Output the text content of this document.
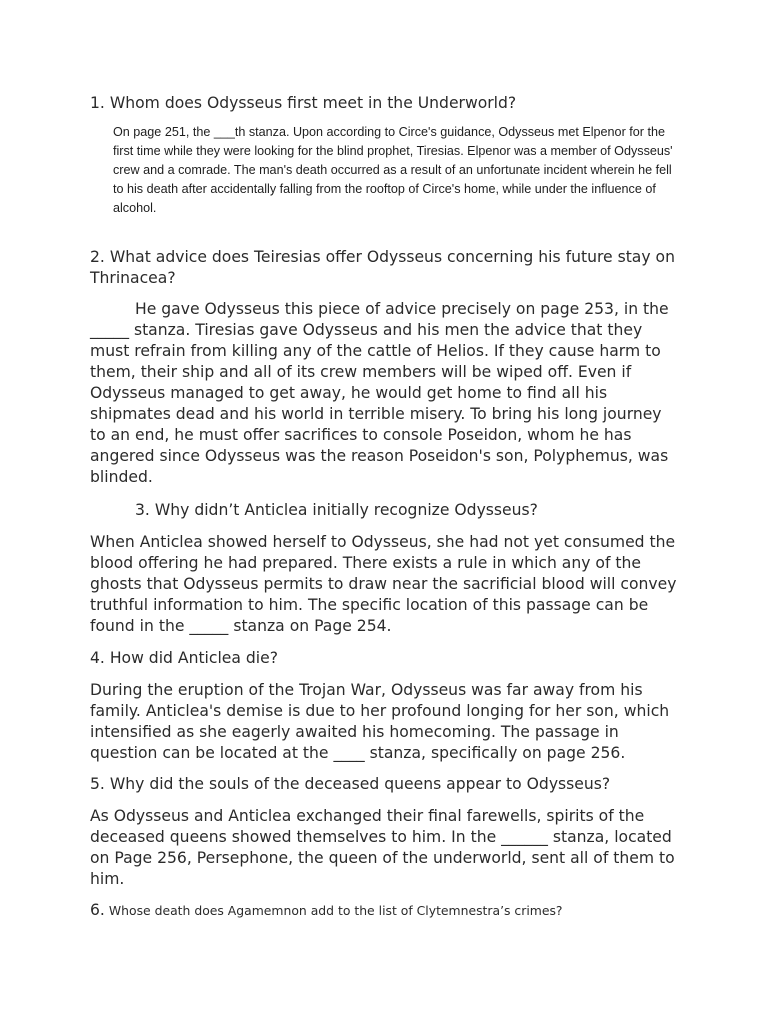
1. Whom does Odysseus first meet in the Underworld?

On page 251, the ___th stanza. Upon according to Circe's guidance, Odysseus met Elpenor for the first time while they were looking for the blind prophet, Tiresias. Elpenor was a member of Odysseus' crew and a comrade. The man's death occurred as a result of an unfortunate incident wherein he fell to his death after accidentally falling from the rooftop of Circe's home, while under the influence of alcohol.

2. What advice does Teiresias offer Odysseus concerning his future stay on Thrinacea?

He gave Odysseus this piece of advice precisely on page 253, in the _____ stanza. Tiresias gave Odysseus and his men the advice that they must refrain from killing any of the cattle of Helios. If they cause harm to them, their ship and all of its crew members will be wiped off. Even if Odysseus managed to get away, he would get home to find all his shipmates dead and his world in terrible misery. To bring his long journey to an end, he must offer sacrifices to console Poseidon, whom he has angered since Odysseus was the reason Poseidon's son, Polyphemus, was blinded.

3. Why didn’t Anticlea initially recognize Odysseus?

When Anticlea showed herself to Odysseus, she had not yet consumed the blood offering he had prepared. There exists a rule in which any of the ghosts that Odysseus permits to draw near the sacrificial blood will convey truthful information to him. The specific location of this passage can be found in the _____ stanza on Page 254.

4. How did Anticlea die?

During the eruption of the Trojan War, Odysseus was far away from his family. Anticlea's demise is due to her profound longing for her son, which intensified as she eagerly awaited his homecoming. The passage in question can be located at the ____ stanza, specifically on page 256.

5. Why did the souls of the deceased queens appear to Odysseus?

As Odysseus and Anticlea exchanged their final farewells, spirits of the deceased queens showed themselves to him. In the ______ stanza, located on Page 256, Persephone, the queen of the underworld, sent all of them to him.

6. Whose death does Agamemnon add to the list of Clytemnestra’s crimes?
